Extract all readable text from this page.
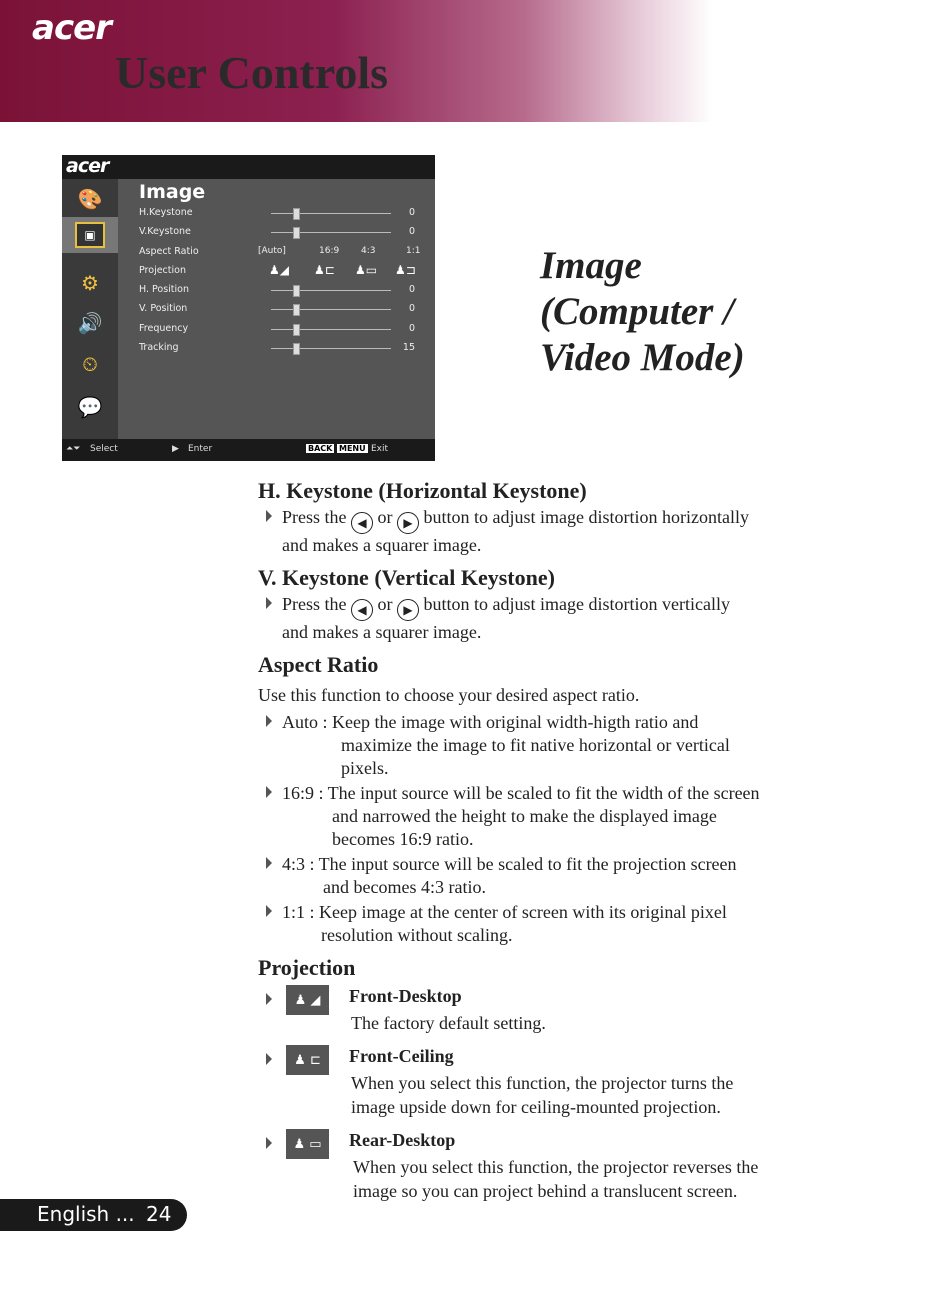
acer
User Controls
acer
🎨
▣
⚙
🔊
⏲
💬
Image
H.Keystone	0
V.Keystone	0
Aspect Ratio	[Auto]	16:9 4:3	1:1
Projection	♟◢ ♟⊏ ♟▭ ♟⊐
H. Position	0
V. Position	0
Frequency	0
Tracking	15
⏶⏷ Select	▶ Enter	BACK MENU Exit
Image
(Computer /
Video Mode)
H. Keystone (Horizontal Keystone)
Press the ◀ or ▶ button to adjust image distortion horizontally
and makes a squarer image.
V. Keystone (Vertical Keystone)
Press the ◀ or ▶ button to adjust image distortion vertically
and makes a squarer image.
Aspect Ratio
Use this function to choose your desired aspect ratio.
Auto : Keep the image with original width-higth ratio and
maximize the image to fit native horizontal or vertical
pixels.
16:9 : The input source will be scaled to fit the width of the screen
and narrowed the height to make the displayed image
becomes 16:9 ratio.
4:3 : The input source will be scaled to fit the projection screen
and becomes 4:3 ratio.
1:1 : Keep image at the center of screen with its original pixel
resolution without scaling.
Projection
♟ ◢	Front-Desktop
The factory default setting.
♟ ⊏	Front-Ceiling
When you select this function, the projector turns the
image upside down for ceiling-mounted projection.
♟ ▭	Rear-Desktop
When you select this function, the projector reverses the
image so you can project behind a translucent screen.
English ... 24
